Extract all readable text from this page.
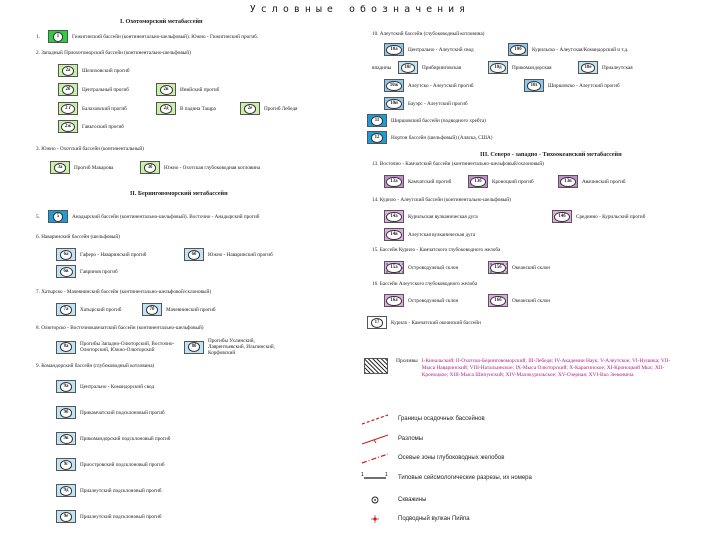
Условные обозначения
I. Охотоморский метабассейн
1.	1	Гижигинский бассейн (континентально-шельфовый). Южно - Гижигинский прогиб.
2. Западный Приохотоморский бассейн (континентально-шельфовый)
2а	Шелиховский прогиб
2б	Центральный прогиб	2в	Инийский прогиб
2 г	Балаховский прогиб	2д	В падина Тащра	2е	Прогиб Лебедя
2ж	Гавьтоский прогиб
3. Южно - Охотский бассейн (континентальный)
3а	Прогиб Макарова	3б	Южно - Охотская глубоководная котловина
II. Беринговоморский метабассейн
5.	5	Анадырский бассейн (континентально-шельфовый). Восточно - Анадырский прогиб
6. Наваринский бассейн (шельфовый)
6а	Гаферо - Наваринский прогиб	6б	Южно - Наваринский прогиб
6в	Гавринов прогиб
7. Хатырско - Мачевнинский бассейн (континентально-шельфовой/склоновый)
7а	Хатырский прогиб	7б	Мачевнинский прогиб
8. Олюторско - Восточнокамчатский бассейн (континентально-шельфовый)
8а	Прогибы Западно-Олюторский, Восточно-Олюторский, Южно-Олюторский
8б
Прогибы Ухлинский, Лаврентьевский, Ильпинский, Корфовский
9. Командорский бассейн (глубоководный котловина)
9а	Центрально - Командорский свод
9б	Прикамчатский подсклоновый прогиб
9в	Прикомандорский подсклоновый прогиб
9г	Приостровский подсклоновый прогиб
9д	Приалеутский подсклоновый прогиб
9е	Приалеутский подсклоновый прогиб
10. Алеутский бассейн (глубоководный котловина)
10а	Центрально - Алеутский свод	10б	Курильско - Алеутская/Командорский и т.д.
впадины	10г	Прибиринговская	10д	Прикомандорская	10е	Приалеутская
10ж	Алеутско - Алеутский прогиб	10з	Ширшовско - Алеутский прогиб
10и	Бауэрс - Алеутский прогиб
11	Ширшовский бассейн (подводного хребта)
12	Нортон бассейн (шельфовый) (Аляска, США)
III. Северо - западно - Тихоокеанский метабассейн
13. Восточно - Камчатский бассейн (континентально-шельфовый/склоновый)
13а	Камчатский прогиб	13б	Кроноцкий прогиб	13в	Авачинский прогиб
14. Курило - Алеутский бассейн (континентально-шельфовый)
14а	Курильская вулканическая дуга	14б	Срединно - Курильский прогиб
14в	Алеутская вулканическая дуга
15. Бассейн Курило - Камчатского глубоководного желоба
15а	Островодужный склон	15б	Океанский склон
16. Бассейн Алеутского глубоководного желоба
16а	Островодужный склон	16б	Океанский склон
17	Курило - Камчатский океанский бассейн
Проливы I-Кинальский; II-Охотско-Беринговоморский; III-Лебедя; IV-Академии Наук; V-Алеутское; VI-Нушика; VII-Мыса Наваринский; VIII-Натальинское; IX-Мыса Олюторский; X-Карагинское; XI-Кроноцкий Мыс; XII-Кроноцкое; XIII-Мыса Шипунский; XIV-Малокурильское; XV-Озерная; XVI-Вал Зенкевича
Границы осадочных бассейнов
Разломы
Осевые зоны глубоководных желобов
1	1 Типовые сейсмологические разрезы, их номера
Скважины
Подводный вулкан Пийпа
